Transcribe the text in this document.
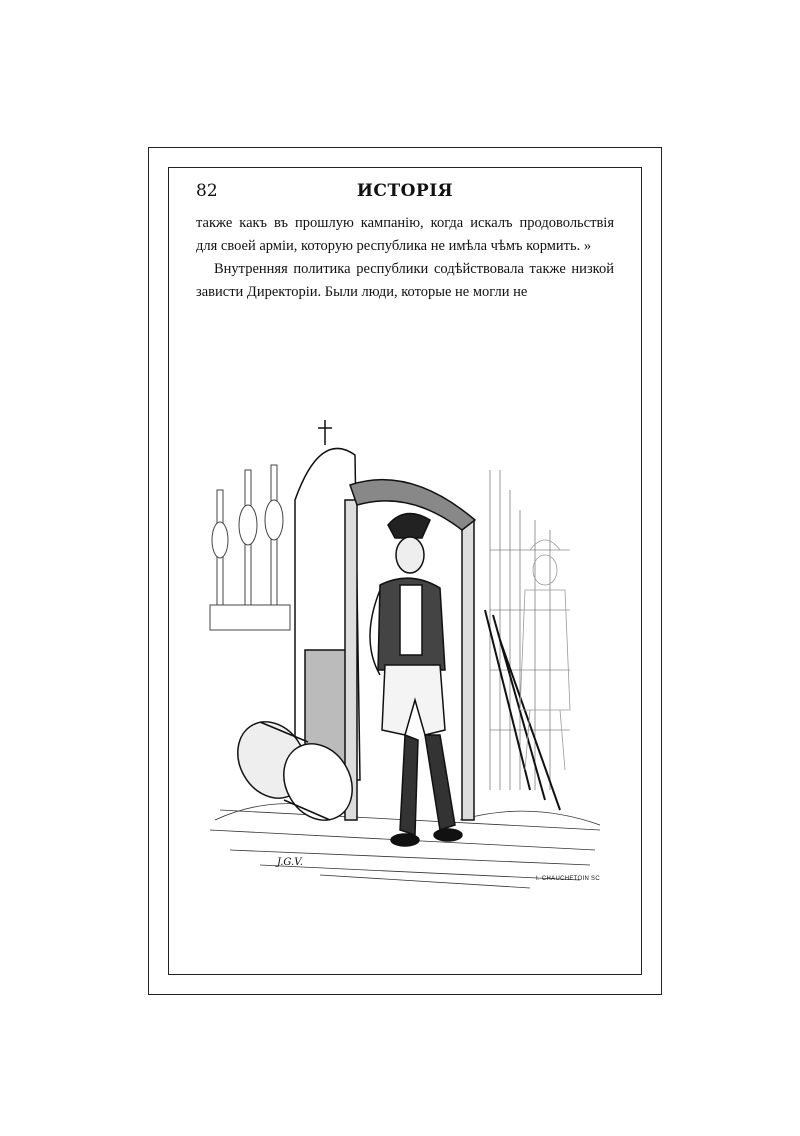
82	ИСТОРІЯ

также какъ въ прошлую кампанію, когда искалъ продовольствія для своей арміи, которую республика не имѣла чѣмъ кормить. »

Внутренняя политика республики содѣйствовала также низкой зависти Директоріи. Были люди, которые не могли не

J.G.V.
I. CHAUCHETOIN SC
